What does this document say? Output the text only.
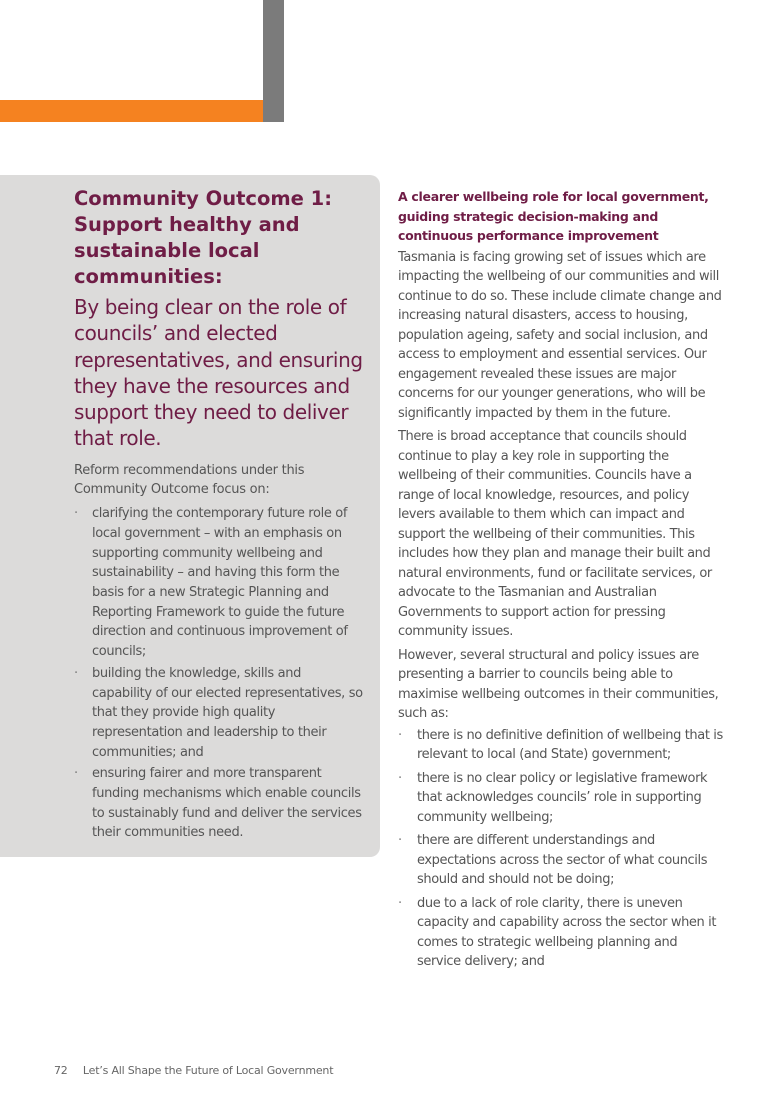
Community Outcome 1: Support healthy and sustainable local communities:

By being clear on the role of councils’ and elected representatives, and ensuring they have the resources and support they need to deliver that role.

Reform recommendations under this Community Outcome focus on:

· clarifying the contemporary future role of local government – with an emphasis on supporting community wellbeing and sustainability – and having this form the basis for a new Strategic Planning and Reporting Framework to guide the future direction and continuous improvement of councils;
· building the knowledge, skills and capability of our elected representatives, so that they provide high quality representation and leadership to their communities; and
· ensuring fairer and more transparent funding mechanisms which enable councils to sustainably fund and deliver the services their communities need.
A clearer wellbeing role for local government, guiding strategic decision-making and continuous performance improvement

Tasmania is facing growing set of issues which are impacting the wellbeing of our communities and will continue to do so. These include climate change and increasing natural disasters, access to housing, population ageing, safety and social inclusion, and access to employment and essential services. Our engagement revealed these issues are major concerns for our younger generations, who will be significantly impacted by them in the future.

There is broad acceptance that councils should continue to play a key role in supporting the wellbeing of their communities. Councils have a range of local knowledge, resources, and policy levers available to them which can impact and support the wellbeing of their communities. This includes how they plan and manage their built and natural environments, fund or facilitate services, or advocate to the Tasmanian and Australian Governments to support action for pressing community issues.

However, several structural and policy issues are presenting a barrier to councils being able to maximise wellbeing outcomes in their communities, such as:

· there is no definitive definition of wellbeing that is relevant to local (and State) government;
· there is no clear policy or legislative framework that acknowledges councils’ role in supporting community wellbeing;
· there are different understandings and expectations across the sector of what councils should and should not be doing;
· due to a lack of role clarity, there is uneven capacity and capability across the sector when it comes to strategic wellbeing planning and service delivery; and
72 Let’s All Shape the Future of Local Government
